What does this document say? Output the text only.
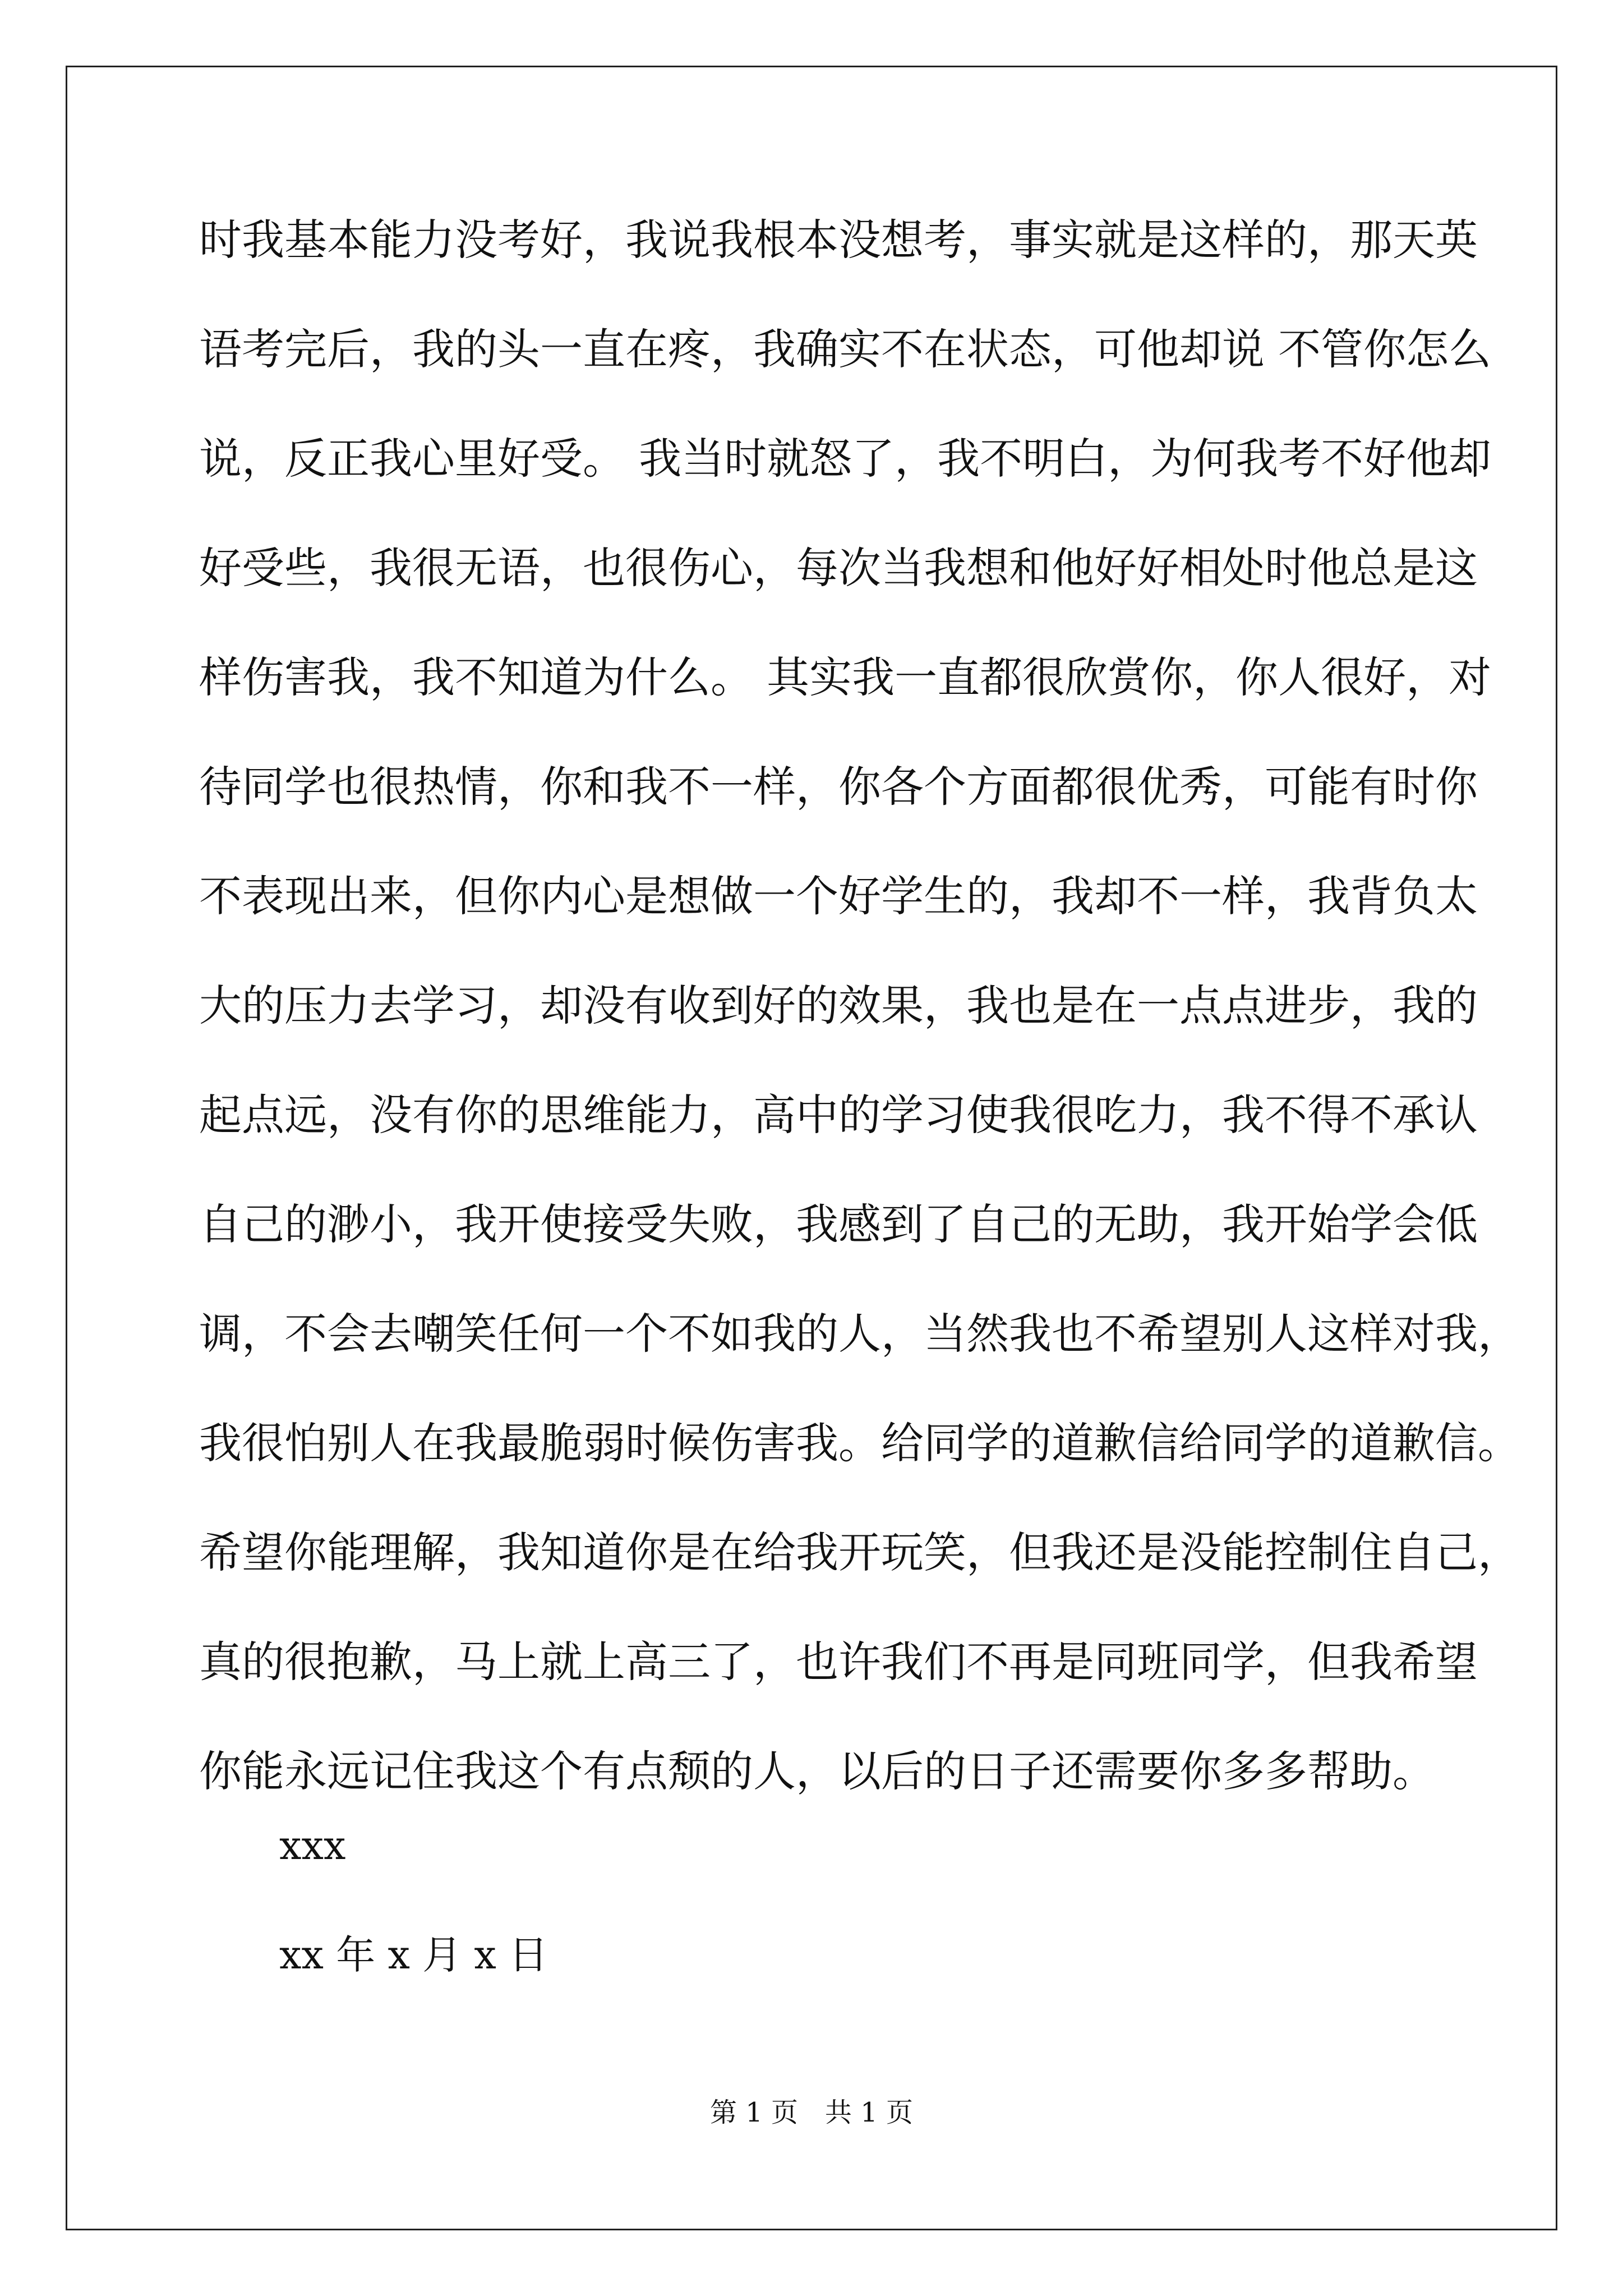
时我基本能力没考好，我说我根本没想考，事实就是这样的，那天英
语考完后，我的头一直在疼，我确实不在状态，可他却说 不管你怎么
说，反正我心里好受。 我当时就怒了，我不明白，为何我考不好他却
好受些，我很无语，也很伤心，每次当我想和他好好相处时他总是这
样伤害我，我不知道为什么。 其实我一直都很欣赏你，你人很好，对
待同学也很热情，你和我不一样，你各个方面都很优秀，可能有时你
不表现出来，但你内心是想做一个好学生的，我却不一样，我背负太
大的压力去学习，却没有收到好的效果，我也是在一点点进步，我的
起点远，没有你的思维能力，高中的学习使我很吃力，我不得不承认
自己的渺小，我开使接受失败，我感到了自己的无助，我开始学会低
调，不会去嘲笑任何一个不如我的人，当然我也不希望别人这样对我，
我很怕别人在我最脆弱时候伤害我。给同学的道歉信给同学的道歉信。
希望你能理解，我知道你是在给我开玩笑，但我还是没能控制住自己，
真的很抱歉，马上就上高三了，也许我们不再是同班同学，但我希望
你能永远记住我这个有点颓的人，以后的日子还需要你多多帮助。
xxx
xx 年 x 月 x 日
第 1 页　共 1 页
